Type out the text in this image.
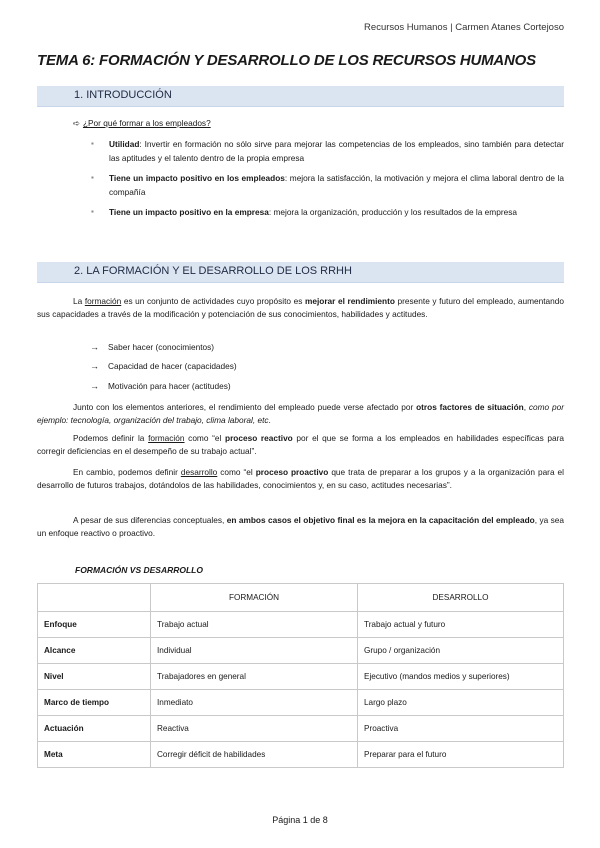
Recursos Humanos | Carmen Atanes Cortejoso
TEMA 6: FORMACIÓN Y DESARROLLO DE LOS RECURSOS HUMANOS
1. INTRODUCCIÓN
➪ ¿Por qué formar a los empleados?
▪ Utilidad: Invertir en formación no sólo sirve para mejorar las competencias de los empleados, sino también para detectar las aptitudes y el talento dentro de la propia empresa
▪ Tiene un impacto positivo en los empleados: mejora la satisfacción, la motivación y mejora el clima laboral dentro de la compañía
▪ Tiene un impacto positivo en la empresa: mejora la organización, producción y los resultados de la empresa
2. LA FORMACIÓN Y EL DESARROLLO DE LOS RRHH

La formación es un conjunto de actividades cuyo propósito es mejorar el rendimiento presente y futuro del empleado, aumentando sus capacidades a través de la modificación y potenciación de sus conocimientos, habilidades y actitudes.

→	Saber hacer (conocimientos)
→	Capacidad de hacer (capacidades)
→	Motivación para hacer (actitudes)

Junto con los elementos anteriores, el rendimiento del empleado puede verse afectado por otros factores de situación, como por ejemplo: tecnología, organización del trabajo, clima laboral, etc.

Podemos definir la formación como “el proceso reactivo por el que se forma a los empleados en habilidades específicas para corregir deficiencias en el desempeño de su trabajo actual”.

En cambio, podemos definir desarrollo como “el proceso proactivo que trata de preparar a los grupos y a la organización para el desarrollo de futuros trabajos, dotándolos de las habilidades, conocimientos y, en su caso, actitudes necesarias”.

A pesar de sus diferencias conceptuales, en ambos casos el objetivo final es la mejora en la capacitación del empleado, ya sea un enfoque reactivo o proactivo.

FORMACIÓN VS DESARROLLO
	FORMACIÓN	DESARROLLO
Enfoque	Trabajo actual	Trabajo actual y futuro
Alcance	Individual	Grupo / organización
Nivel	Trabajadores en general	Ejecutivo (mandos medios y superiores)
Marco de tiempo	Inmediato	Largo plazo
Actuación	Reactiva	Proactiva
Meta	Corregir déficit de habilidades	Preparar para el futuro
Página 1 de 8
